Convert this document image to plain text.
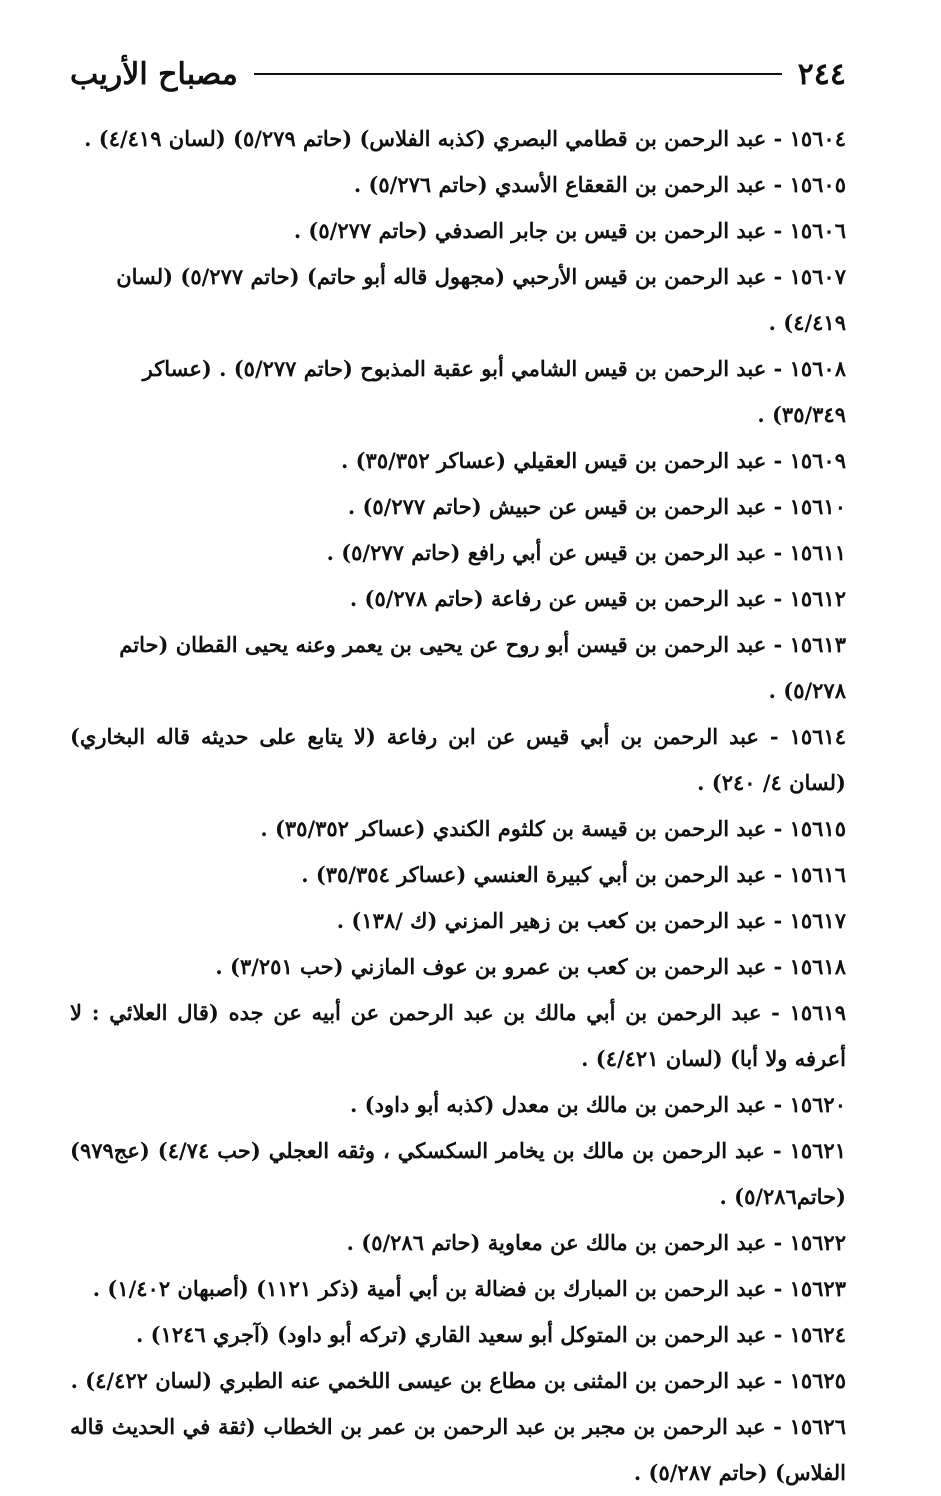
٢٤٤
مصباح الأريب
١٥٦٠٤ - عبد الرحمن بن قطامي البصري (كذبه الفلاس) (حاتم ٥/٢٧٩) (لسان ٤/٤١٩) .
١٥٦٠٥ - عبد الرحمن بن القعقاع الأسدي (حاتم ٥/٢٧٦) .
١٥٦٠٦ - عبد الرحمن بن قيس بن جابر الصدفي (حاتم ٥/٢٧٧) .
١٥٦٠٧ - عبد الرحمن بن قيس الأرحبي (مجهول قاله أبو حاتم) (حاتم ٥/٢٧٧) (لسان ٤/٤١٩) .
١٥٦٠٨ - عبد الرحمن بن قيس الشامي أبو عقبة المذبوح (حاتم ٥/٢٧٧) . (عساكر ٣٥/٣٤٩) .
١٥٦٠٩ - عبد الرحمن بن قيس العقيلي (عساكر ٣٥/٣٥٢) .
١٥٦١٠ - عبد الرحمن بن قيس عن حبيش (حاتم ٥/٢٧٧) .
١٥٦١١ - عبد الرحمن بن قيس عن أبي رافع (حاتم ٥/٢٧٧) .
١٥٦١٢ - عبد الرحمن بن قيس عن رفاعة (حاتم ٥/٢٧٨) .
١٥٦١٣ - عبد الرحمن بن قيسن أبو روح عن يحيى بن يعمر وعنه يحيى القطان (حاتم ٥/٢٧٨) .
١٥٦١٤ - عبد الرحمن بن أبي قيس عن ابن رفاعة (لا يتابع على حديثه قاله البخاري) (لسان ٤/ ٢٤٠) .
١٥٦١٥ - عبد الرحمن بن قيسة بن كلثوم الكندي (عساكر ٣٥/٣٥٢) .
١٥٦١٦ - عبد الرحمن بن أبي كبيرة العنسي (عساكر ٣٥/٣٥٤) .
١٥٦١٧ - عبد الرحمن بن كعب بن زهير المزني (ك /١٣٨) .
١٥٦١٨ - عبد الرحمن بن كعب بن عمرو بن عوف المازني (حب ٣/٢٥١) .
١٥٦١٩ - عبد الرحمن بن أبي مالك بن عبد الرحمن عن أبيه عن جده (قال العلائي : لا أعرفه ولا أبا) (لسان ٤/٤٢١) .
١٥٦٢٠ - عبد الرحمن بن مالك بن معدل (كذبه أبو داود) .
١٥٦٢١ - عبد الرحمن بن مالك بن يخامر السكسكي ، وثقه العجلي (حب ٤/٧٤) (عج٩٧٩) (حاتم٥/٢٨٦) .
١٥٦٢٢ - عبد الرحمن بن مالك عن معاوية (حاتم ٥/٢٨٦) .
١٥٦٢٣ - عبد الرحمن بن المبارك بن فضالة بن أبي أمية (ذكر ١١٢١) (أصبهان ١/٤٠٢) .
١٥٦٢٤ - عبد الرحمن بن المتوكل أبو سعيد القاري (تركه أبو داود) (آجري ١٢٤٦) .
١٥٦٢٥ - عبد الرحمن بن المثنى بن مطاع بن عيسى اللخمي عنه الطبري (لسان ٤/٤٢٢) .
١٥٦٢٦ - عبد الرحمن بن مجبر بن عبد الرحمن بن عمر بن الخطاب (ثقة في الحديث قاله الفلاس) (حاتم ٥/٢٨٧) .
